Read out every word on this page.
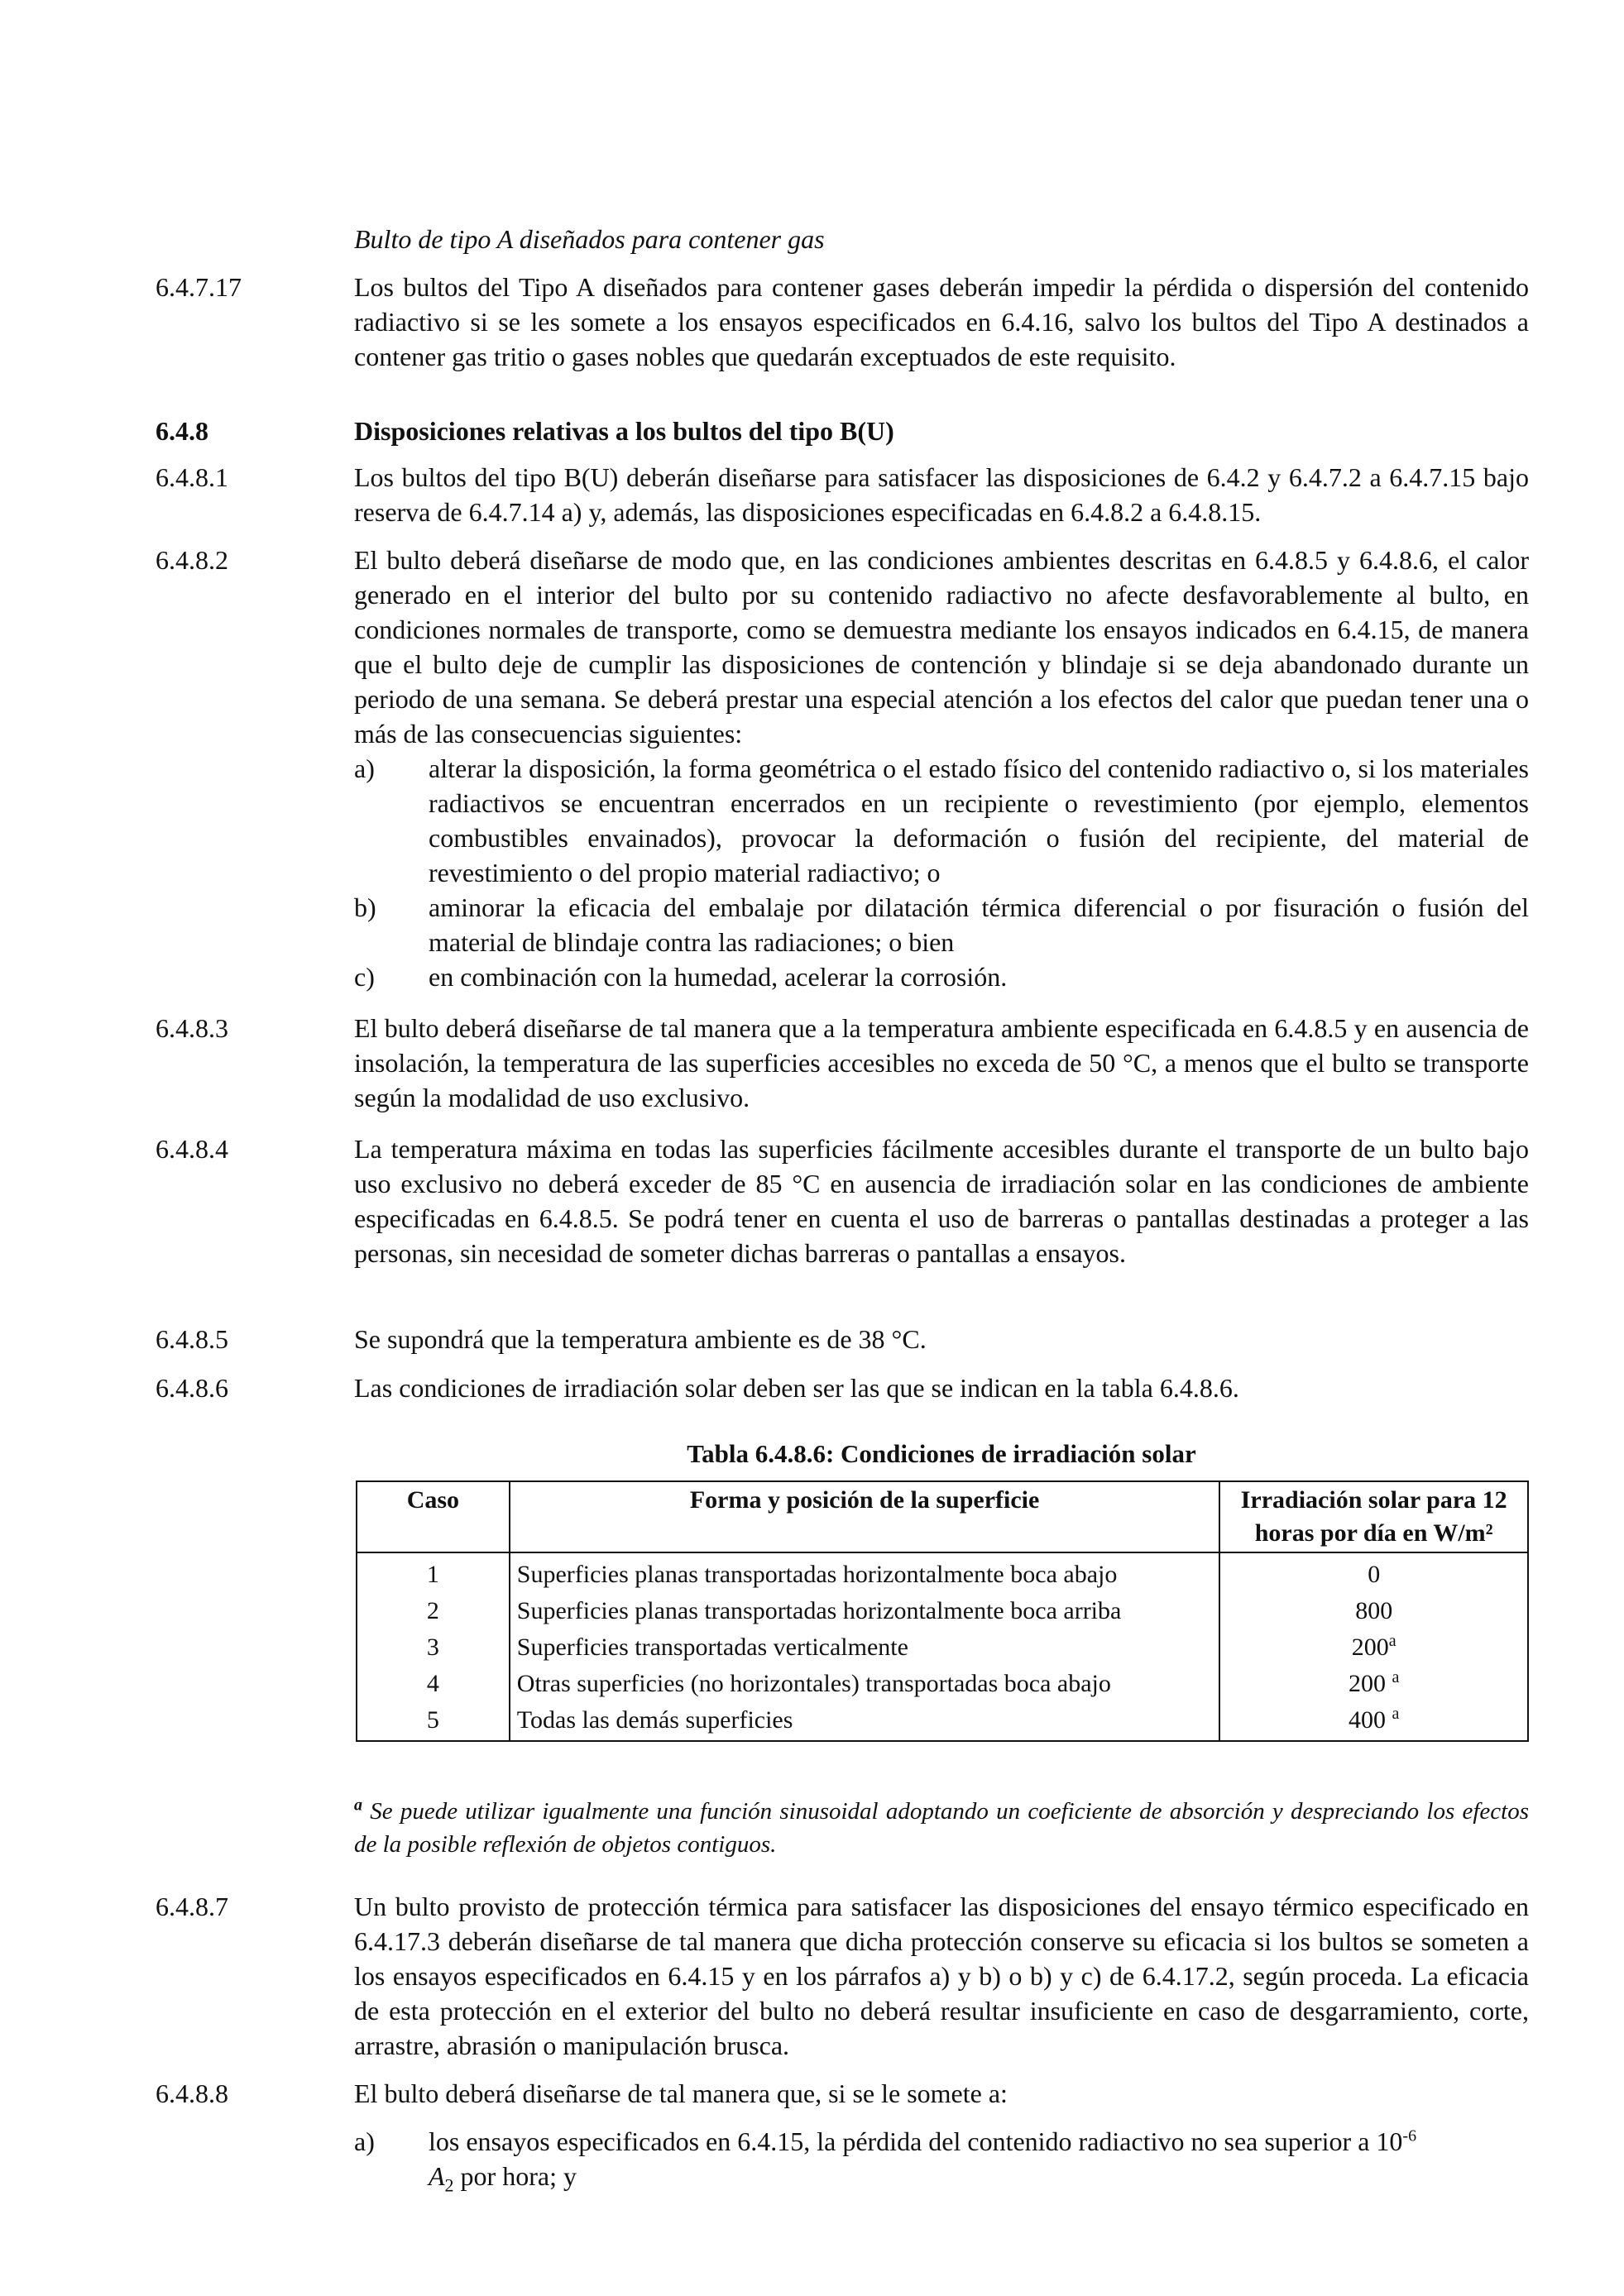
Bulto de tipo A diseñados para contener gas
6.4.7.17	Los bultos del Tipo A diseñados para contener gases deberán impedir la pérdida o dispersión del contenido radiactivo si se les somete a los ensayos especificados en 6.4.16, salvo los bultos del Tipo A destinados a contener gas tritio o gases nobles que quedarán exceptuados de este requisito.
6.4.8	Disposiciones relativas a los bultos del tipo B(U)
6.4.8.1	Los bultos del tipo B(U) deberán diseñarse para satisfacer las disposiciones de 6.4.2 y 6.4.7.2 a 6.4.7.15 bajo reserva de 6.4.7.14 a) y, además, las disposiciones especificadas en 6.4.8.2 a 6.4.8.15.
6.4.8.2	El bulto deberá diseñarse de modo que, en las condiciones ambientes descritas en 6.4.8.5 y 6.4.8.6, el calor generado en el interior del bulto por su contenido radiactivo no afecte desfavorablemente al bulto, en condiciones normales de transporte, como se demuestra mediante los ensayos indicados en 6.4.15, de manera que el bulto deje de cumplir las disposiciones de contención y blindaje si se deja abandonado durante un periodo de una semana. Se deberá prestar una especial atención a los efectos del calor que puedan tener una o más de las consecuencias siguientes:

a) alterar la disposición, la forma geométrica o el estado físico del contenido radiactivo o, si los materiales radiactivos se encuentran encerrados en un recipiente o revestimiento (por ejemplo, elementos combustibles envainados), provocar la deformación o fusión del recipiente, del material de revestimiento o del propio material radiactivo; o
b) aminorar la eficacia del embalaje por dilatación térmica diferencial o por fisuración o fusión del material de blindaje contra las radiaciones; o bien
c) en combinación con la humedad, acelerar la corrosión.
6.4.8.3	El bulto deberá diseñarse de tal manera que a la temperatura ambiente especificada en 6.4.8.5 y en ausencia de insolación, la temperatura de las superficies accesibles no exceda de 50 °C, a menos que el bulto se transporte según la modalidad de uso exclusivo.
6.4.8.4	La temperatura máxima en todas las superficies fácilmente accesibles durante el transporte de un bulto bajo uso exclusivo no deberá exceder de 85 °C en ausencia de irradiación solar en las condiciones de ambiente especificadas en 6.4.8.5. Se podrá tener en cuenta el uso de barreras o pantallas destinadas a proteger a las personas, sin necesidad de someter dichas barreras o pantallas a ensayos.
6.4.8.5	Se supondrá que la temperatura ambiente es de 38 °C.
6.4.8.6	Las condiciones de irradiación solar deben ser las que se indican en la tabla 6.4.8.6.
Tabla 6.4.8.6: Condiciones de irradiación solar
Caso	Forma y posición de la superficie	Irradiación solar para 12 horas por día en W/m²
1	Superficies planas transportadas horizontalmente boca abajo	0
2	Superficies planas transportadas horizontalmente boca arriba	800
3	Superficies transportadas verticalmente	200$^a$
4	Otras superficies (no horizontales) transportadas boca abajo	200 $^a$
5	Todas las demás superficies	400 $^a$
$^a$ Se puede utilizar igualmente una función sinusoidal adoptando un coeficiente de absorción y despreciando los efectos de la posible reflexión de objetos contiguos.
6.4.8.7	Un bulto provisto de protección térmica para satisfacer las disposiciones del ensayo térmico especificado en 6.4.17.3 deberán diseñarse de tal manera que dicha protección conserve su eficacia si los bultos se someten a los ensayos especificados en 6.4.15 y en los párrafos a) y b) o b) y c) de 6.4.17.2, según proceda. La eficacia de esta protección en el exterior del bulto no deberá resultar insuficiente en caso de desgarramiento, corte, arrastre, abrasión o manipulación brusca.
6.4.8.8	El bulto deberá diseñarse de tal manera que, si se le somete a:

a) los ensayos especificados en 6.4.15, la pérdida del contenido radiactivo no sea superior a $10^{-6}$
$A_2$ por hora; y
